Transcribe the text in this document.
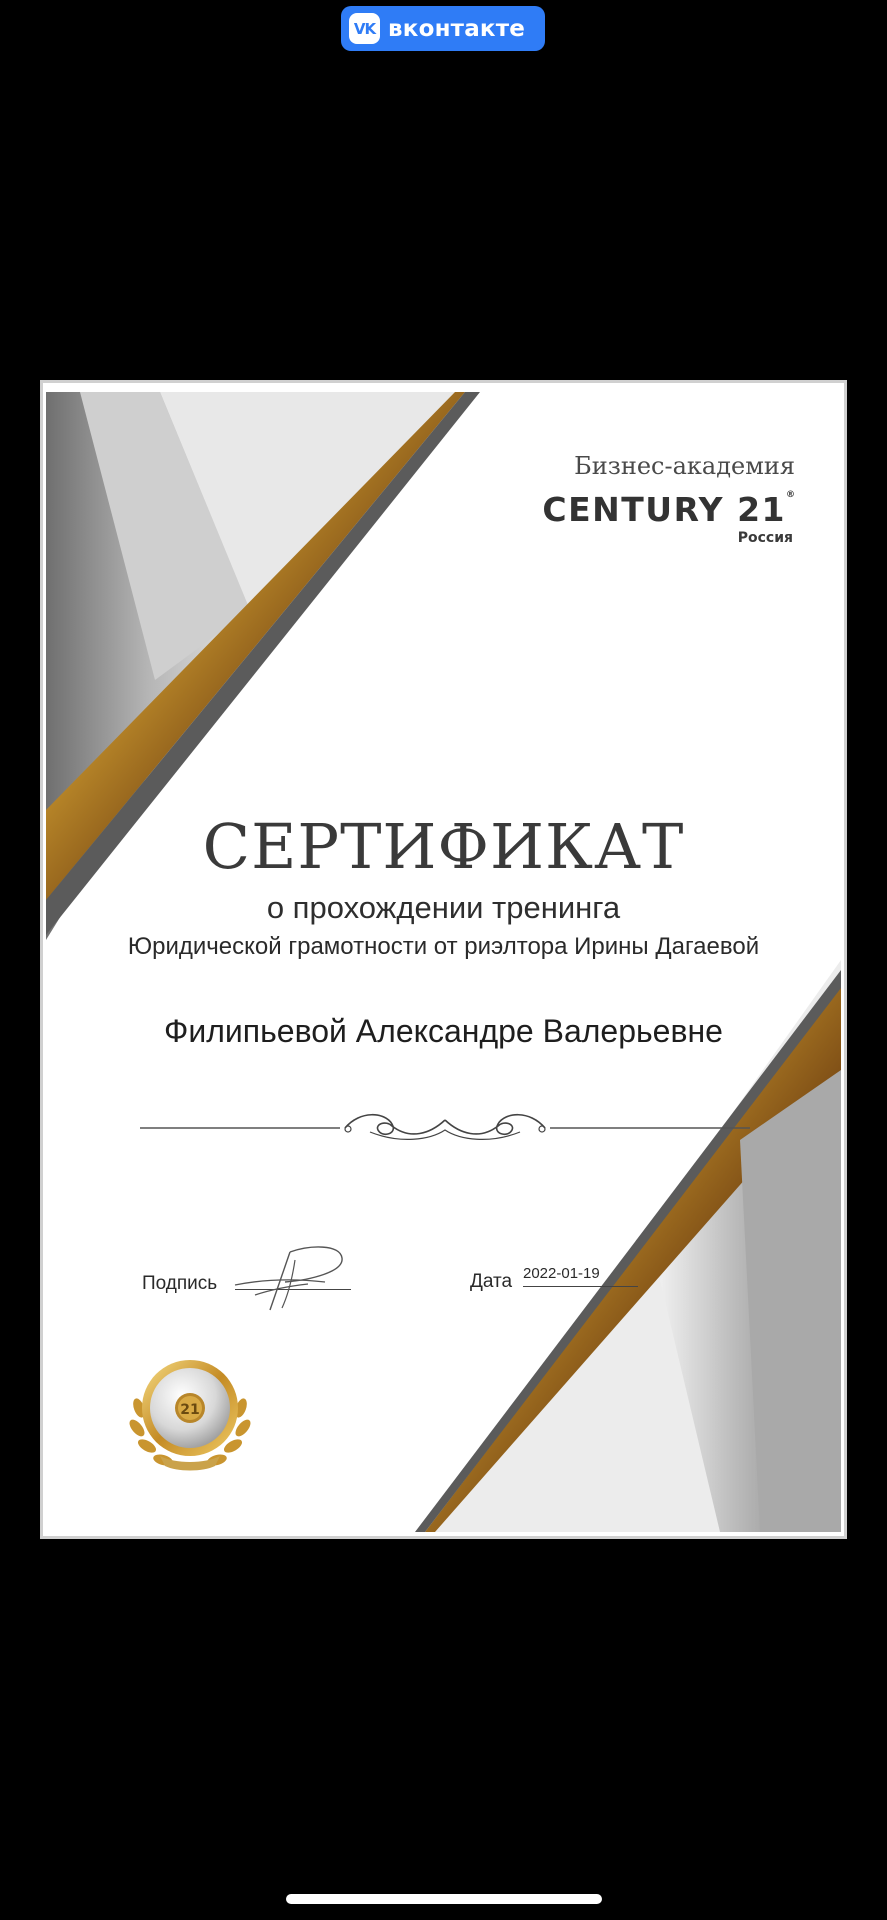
VK вконтакте
Бизнес-академия
CENTURY 21®
Россия
СЕРТИФИКАТ
о прохождении тренинга
Юридической грамотности от риэлтора Ирины Дагаевой
Филипьевой Александре Валерьевне
Подпись	Дата 2022-01-19
21
